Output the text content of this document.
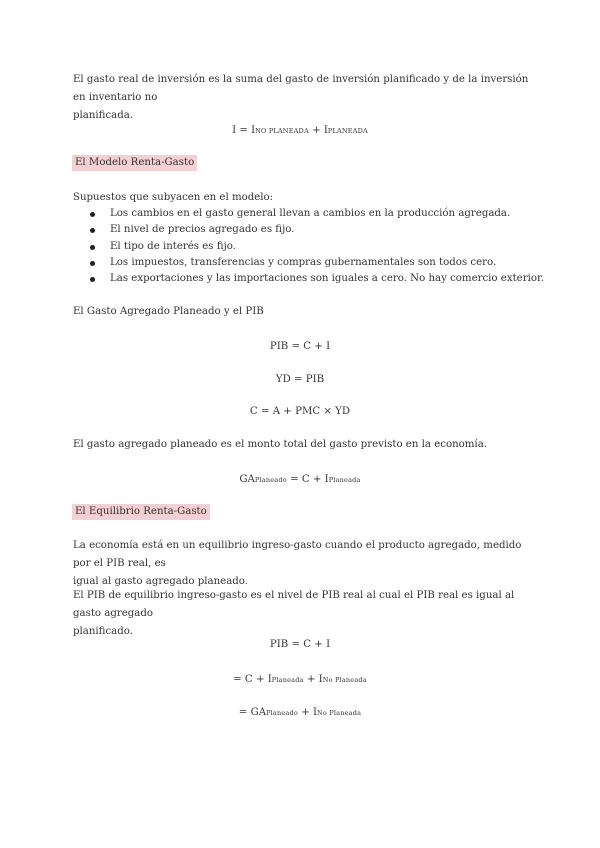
El gasto real de inversión es la suma del gasto de inversión planificado y de la inversión en inventario no
planificada.

I = INO PLANEADA + IPLANEADA
El Modelo Renta-Gasto

Supuestos que subyacen en el modelo:

Los cambios en el gasto general llevan a cambios en la producción agregada.
El nivel de precios agregado es fijo.
El tipo de interés es fijo.
Los impuestos, transferencias y compras gubernamentales son todos cero.
Las exportaciones y las importaciones son iguales a cero. No hay comercio exterior.

El Gasto Agregado Planeado y el PIB

PIB = C + I
YD = PIB
C = A + PMC × YD

El gasto agregado planeado es el monto total del gasto previsto en la economía.

GAPlaneado = C + IPlaneada
El Equilibrio Renta-Gasto

La economía está en un equilibrio ingreso-gasto cuando el producto agregado, medido por el PIB real, es
igual al gasto agregado planeado.

El PIB de equilibrio ingreso-gasto es el nivel de PIB real al cual el PIB real es igual al gasto agregado
planificado.

PIB = C + I
= C + IPlaneada + INo Planeada
= GAPlaneado + INo Planeada
